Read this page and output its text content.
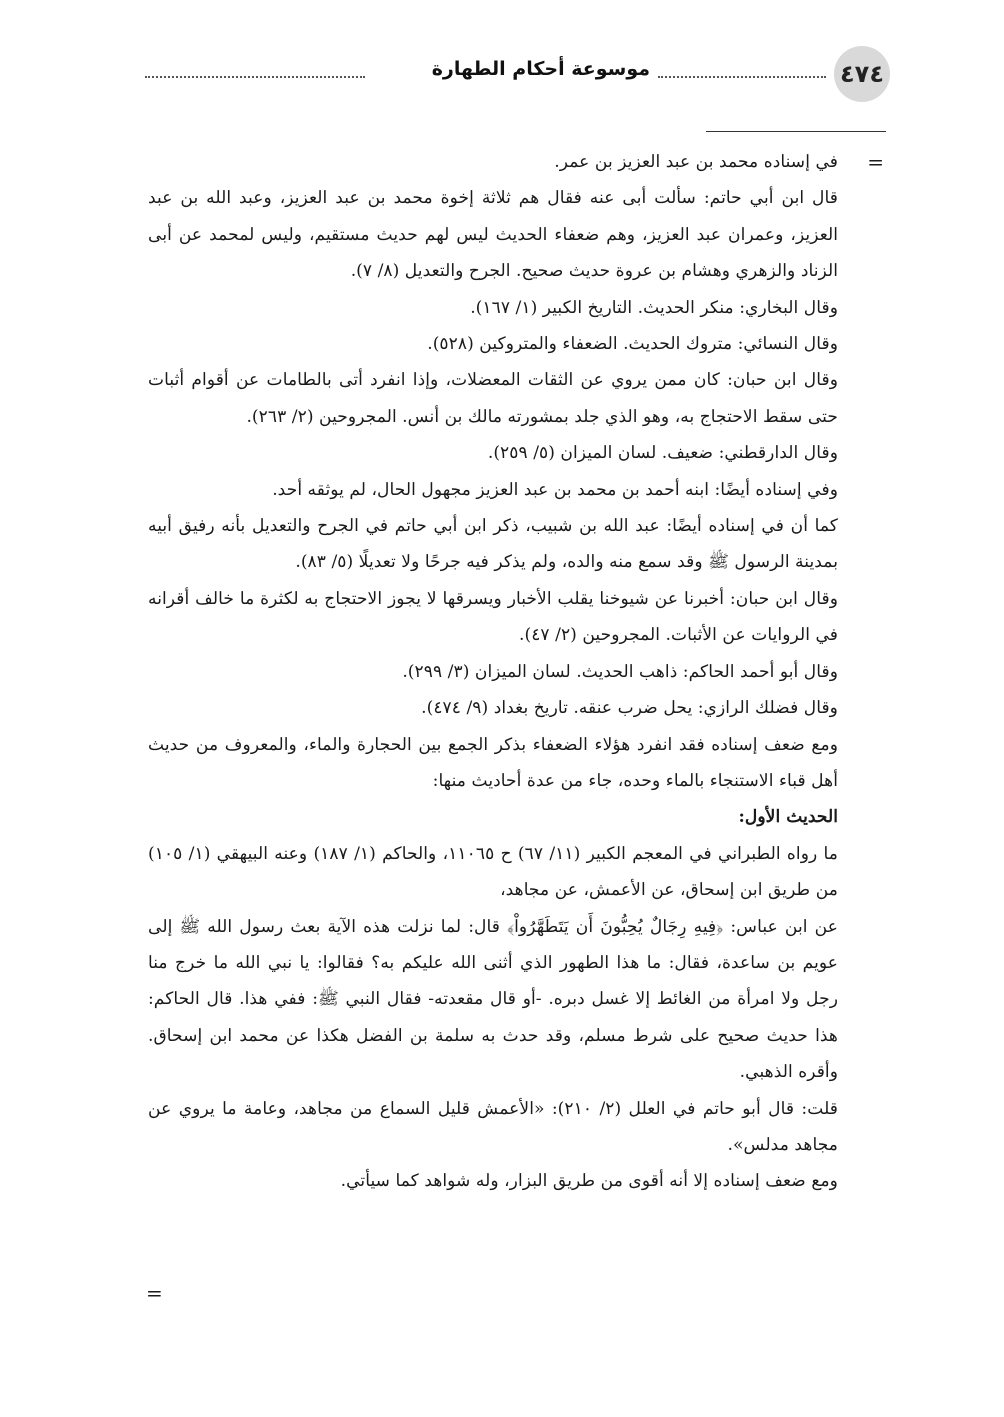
موسوعة أحكام الطهارة	٤٧٤
=

في إسناده محمد بن عبد العزيز بن عمر.

قال ابن أبي حاتم: سألت أبى عنه فقال هم ثلاثة إخوة محمد بن عبد العزيز، وعبد الله بن عبد العزيز، وعمران عبد العزيز، وهم ضعفاء الحديث ليس لهم حديث مستقيم، وليس لمحمد عن أبى الزناد والزهري وهشام بن عروة حديث صحيح. الجرح والتعديل (٨/ ٧).

وقال البخاري: منكر الحديث. التاريخ الكبير (١/ ١٦٧).

وقال النسائي: متروك الحديث. الضعفاء والمتروكين (٥٢٨).

وقال ابن حبان: كان ممن يروي عن الثقات المعضلات، وإذا انفرد أتى بالطامات عن أقوام أثبات حتى سقط الاحتجاج به، وهو الذي جلد بمشورته مالك بن أنس. المجروحين (٢/ ٢٦٣).

وقال الدارقطني: ضعيف. لسان الميزان (٥/ ٢٥٩).

وفي إسناده أيضًا: ابنه أحمد بن محمد بن عبد العزيز مجهول الحال، لم يوثقه أحد.

كما أن في إسناده أيضًا: عبد الله بن شبيب، ذكر ابن أبي حاتم في الجرح والتعديل بأنه رفيق أبيه بمدينة الرسول ﷺ وقد سمع منه والده، ولم يذكر فيه جرحًا ولا تعديلًا (٥/ ٨٣).

وقال ابن حبان: أخبرنا عن شيوخنا يقلب الأخبار ويسرقها لا يجوز الاحتجاج به لكثرة ما خالف أقرانه في الروايات عن الأثبات. المجروحين (٢/ ٤٧).

وقال أبو أحمد الحاكم: ذاهب الحديث. لسان الميزان (٣/ ٢٩٩).

وقال فضلك الرازي: يحل ضرب عنقه. تاريخ بغداد (٩/ ٤٧٤).

ومع ضعف إسناده فقد انفرد هؤلاء الضعفاء بذكر الجمع بين الحجارة والماء، والمعروف من حديث أهل قباء الاستنجاء بالماء وحده، جاء من عدة أحاديث منها:

الحديث الأول:

ما رواه الطبراني في المعجم الكبير (١١/ ٦٧) ح ١١٠٦٥، والحاكم (١/ ١٨٧) وعنه البيهقي (١/ ١٠٥) من طريق ابن إسحاق، عن الأعمش، عن مجاهد،

عن ابن عباس: ﴿فِيهِ رِجَالٌ يُحِبُّونَ أَن يَتَطَهَّرُواْ﴾ قال: لما نزلت هذه الآية بعث رسول الله ﷺ إلى عويم بن ساعدة، فقال: ما هذا الطهور الذي أثنى الله عليكم به؟ فقالوا: يا نبي الله ما خرج منا رجل ولا امرأة من الغائط إلا غسل دبره. -أو قال مقعدته- فقال النبي ﷺ: ففي هذا. قال الحاكم: هذا حديث صحيح على شرط مسلم، وقد حدث به سلمة بن الفضل هكذا عن محمد ابن إسحاق. وأقره الذهبي.

قلت: قال أبو حاتم في العلل (٢/ ٢١٠): «الأعمش قليل السماع من مجاهد، وعامة ما يروي عن مجاهد مدلس».

ومع ضعف إسناده إلا أنه أقوى من طريق البزار، وله شواهد كما سيأتي.

=
